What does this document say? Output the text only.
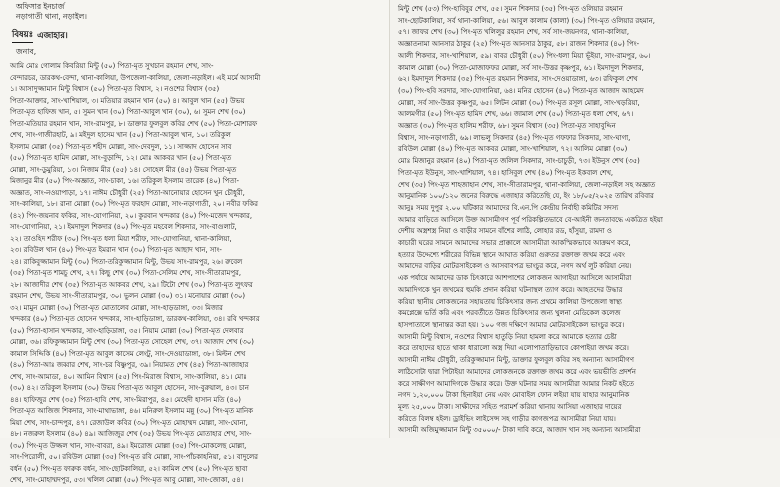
অফিসার ইনচার্জ
নড়াগাতী থানা, নড়াইল।
বিষয়ঃ এজাহার।
জনাব,
আমি মোঃ গোলাম কিবরিয়া মিন্টু (৫০) পিতা-মৃত সুখচান রহমান শেখ, সাং-
বেন্দারচর, ডারকথ-বেন্দা, থানা-কালিয়া, উপজেলা-কালিয়া, জেলা-নড়াইল। এই মর্মে আসামী
১। আসাদুজ্জামান মিন্টু বিশ্বাস (৫০) পিতা-মৃত বিশ্বাস, ২। নওশের বিশ্বাস (৩৫)
পিতা-আক্তার, সাং-খাশিয়াল, ৩। মতিয়ার রহমান খান (৫০) ৪। আবুল খান (৫৫) উভয়
পিতা-মৃত হাফিজ খান, ৫। সুমন খান (৩০) পিতা-আবুল খান (৩০), ৬। সুমন শেখ (৩০)
পিতা-মতিয়ার রহমান খান, সাং-রামপুর, ৮। ডাক্তার ফুলবুল কবির শেখ (৫০) পিতা-মোশারফ
শেখ, সাং-গাজীরহাট, ৯। মইদুল হাসেম খান (৫০) পিতা-আবুল খান, ১০। তরিকুল
ইসলাম মোল্লা (৩৫) পিতা-মৃত শহীদ মোল্লা, সাং-দেবদুল, ১১। সাজ্জাদ হোসেন সাব
(৫০) পিতা-মৃত হামিদ মোল্লা, সাং-বুড়ান্দি, ১২। মোঃ আকবর খান (৫০) পিতা-মৃত
মোল্লা, সাং-ডুমুরিয়া, ১৩। নিজাম মীর (৫৫) ১৪। সোহেল মীর (৪৫) উভয় পিতা-মৃত
মিজানুর মীর (৫০) পিং-অজ্ঞাত, সাং-চাকা, ১৬। তরিকুল ইসলাম তারেক (৪০) পিতা-
অজ্ঞাত, সাং-নওয়াপাড়া, ১৭। নাঈম চৌধুরী (২৫) পিতা-আনোয়ার হোসেন খুন চৌধুরী,
সাং-কালিয়া, ১৮। রানা মোল্লা (৩০) পিং-মৃত ফরহাদ মোল্লা, সাং-নড়াগাতী, ২০। নবীর ফকির
(৪২) পিং-জয়নাব ফকির, সাং-যোগানিয়া, ২০। কুরবান খন্দকার (৪০) পিং-মজেদ খন্দকার,
সাং-যোগানিয়া, ২১। ইমদাদুল শিকদার (৪০) পিং-মৃত মহবেল শিকদার, সাং-বাগুলাট,
২২। তাওহিদ শরীফ (৩০) পিং-মৃত ধলা মিয়া শরীফ, সাং-যোগানিয়া, থানা-কালিয়া,
২৩। রবিউল খান (৪০) পিং-মৃত ইমরান খান (৩০) পিতা-মৃত আছাদ খান, সাং-
২৪। রাকিবুজ্জামান মিন্টু (৩০) পিতা-তরিকুজ্জামান মিন্টু, উভয় সাং-রামপুর, ২৬। রুবেল
(৩৫) পিতা-মৃত শামচু শেখ, ২৭। কিছু শেখ (৩০) পিতা-সেলিম শেখ, সাং-সীতারামপুর,
২৮। আজাদীর শেখ (৩৫) পিতা-মৃত আকবর শেখ, ২৯। টিটো শেখ (৩০) পিতা-মৃত লুৎফর
রহমান শেখ, উভয় সাং-সীতারামপুর, ৩০। ভুলন মোল্লা (৩০) ৩১। মনোয়ার মোল্লা (৩০)
৩২। মামুন মোল্লা (৩০) পিতা-মৃত মোতালেব মোল্লা, সাং-হাড়ডাঙ্গা, ৩৩। মিজার
খন্দকার (৪০) পিতা-মৃত হোসেন খন্দকার, সাং-হাড়িডাঙ্গা, ডারকথ-কালিয়া, ৩৪। রবি খন্দকার
(৫০) পিতা-হাসান খন্দকার, সাং-হাড়িডাঙ্গা, ৩৫। নিয়াম মোল্লা (৩০) পিতা-মৃত দেলবার
মোল্লা, ৩৬। রফিকুজ্জামান মিন্টু শেখ (৩০) পিতা-মৃত সোহেল শেখ, ৩৭। আজাদ শেখ (৩০)
কামাল সিদ্দিকি (৪০) পিতা-মৃত আবুল কাসেম লেংটু, সাং-দেওয়াডাঙ্গা, ৩৮। মিল্টন শেখ
(৪০) পিতা-আঃ জব্বার শেখ, সাং-চর বিষ্ণুপুর, ৩৯। নিয়ামত শেখ (৪৫) পিতা-আজাহার
শেখ, সাং-আমাডা, ৪০। আমিন বিশ্বাস (৫৫) পিং-মিরাজ বিশ্বাস, সাং-কালিয়া, ৪১। মোঃ
(৩০) ৪২। তরিকুল ইসলাম (৩০) উভয় পিতা-মৃত আবুল হোসেন, সাং-বুরুয়াল, ৪৩। চান
৪৪। হাফিজুর শেখ (৩৫) পিতা-হাবি শেখ, সাং-মিরাপুর, ৪৫। মেহেদী হাসান মতি (৪০)
পিতা-মৃত আজিজ শিকদার, সাং-মাথাভাঙ্গা, ৪৬। মনিরুল ইসলাম মন্নু (৩০) পিং-মৃত মানিক
মিয়া শেখ, সাং-চান্দপুর, ৪৭। রেজাউল কবির (৩০) পিং-মৃত মোহাম্মদ মোল্লা, সাং-ঘোনা,
৪৮। নজরুল ইসলাম (৪০) ৪৯। আজিজুর শেখ (৩৫) উভয় পিং-মৃত মোতাহার শেখ, সাং-
(৩০) পিং-মৃত উজ্জল খান, সাং-বাবরা, ৪৯। ইমরোজ মোল্লা (৩৫) পিং-মোকলেছ মোল্লা,
সাং-পিরোলী, ৫০। রবিউল মোল্লা (৩৫) পিং-মৃত রবি মোল্লা, সাং-পাঁচকাহনিয়া, ৫১। বাদুলের
বর্ধন (৫০) পিং-মৃত ফারুক বর্ধন, সাং-ছোটকালিয়া, ৫২। কামিল শেখ (৫০) পিং-মৃত ছাবা
শেখ, সাং-মোহাম্মদপুর, ৫৩। খলিল মোল্লা (৫০) পিং-মৃত আবু মোল্লা, সাং-জোকা, ৫৪।
মিন্টু শেখ (৫৩) পিং-হাবিবুর শেখ, ৫৫। সুমন শিকদার (৩৫) পিং-মৃত ওলিয়ার রহমান
সাং-ছোটকালিয়া, সর্ব থানা-কালিয়া, ৫৬। আবুল কালাম (কালা) (৩০) পিং-মৃত ওলিয়ার রহমান,
৫৭। জাফর শেখ (৩০) পিং-মৃত খলিলুর রহমান শেখ, সর্ব সাং-জয়নগর, থানা-কালিয়া,
অজ্ঞাতনামা আনসার ঠাকুর (২৫) পিং-মৃত আনসার ঠাকুর, ৫৮। রাজন শিকদার (৪০) পিং-
আলী শিকদার, সাং-খাশিয়াল, ৫৯। বাবর চৌধুরী (৫০) পিং-ধলা মিয়া ভূঁইয়া, সাং-রামপুর, ৬০।
কামাল মোল্লা (৩০) পিতা-মোজাফফর মোল্লা, সর্ব সাং-উত্তর কৃষ্ণপুর, ৬১। ইমদাদুল শিকদার,
৬২। ইমদাদুল শিকদার (৩৫) পিং-মৃত রহমান শিকদার, সাং-দেওয়াডাঙ্গা, ৬৩। রফিকুল শেখ
(৩০) পিং-হবি সরদার, সাং-যোগানিয়া, ৬৪। মনির হোসেন (৪০) পিতা-মৃত আজাদ আহমেদ
মোল্লা, সর্ব সাং-উত্তর কৃষ্ণপুর, ৬৫। লিটন মোল্লা (৩০) পিং-মৃত রসূল মোল্লা, সাং-খড়রিয়া,
আলমগীর (৫০) পিং-মৃত হামিদ শেখ, ৬৬। জামাল শেখ (৫০) পিতা-মৃত ধলা শেখ, ৬৭।
অজ্ঞাত (৩০) পিং-মৃত হালিম শরীফ, ৬৮। সুমন বিশ্বাস (৩৫) পিতা-মৃত সাহাবুদ্দিন
বিশ্বাস, সাং-নড়াগাতী, ৬৯। লাভলু সিকদার (৪৫) পিং-মৃত গফফার সিকদার, সাং-ঘাগা,
রবিউল মোল্লা (৪০) পিং-মৃত আকবর মোল্লা, সাং-খাশিয়াল, ৭২। আলিম মোল্লা (৩০)
মোঃ মিজানুর রহমান (৪০) পিতা-মৃত জলিল সিকদার, সাং-চাচুড়ী, ৭৩। ইউনুস শেখ (৩৫)
পিতা-মৃত ইউনুস, সাং-খাশিয়াল, ৭৪। হাসিবুল শেখ (৪০) পিং-মৃত ইকবাল শেখ,
শেখ (৩৫) পিং-মৃত শাহজাহান শেখ, সাং-সীতারামপুর, থানা-কালিয়া, জেলা-নড়াইল সহ অজ্ঞাত
আনুমানিক ১০০/১২০ জনের বিরুদ্ধে এজাহার করিতেছি যে, ইং ১৮/০৫/২০২৫ তারিখ রবিবার
আনুঃ সময় দুপুর ২.০০ ঘটিকার আমাদের বি.এন.পি কেন্দ্রীয় নির্বাহী কমিটির সদস্য
আমার বাড়িতে আসিলে উক্ত আসামীগণ পূর্ব পরিকল্পিতভাবে বে-আইনী জনতাবদ্ধে একত্রিত হইয়া
দেশীয় অস্ত্রশস্ত্র নিয়া ও বাড়ীর সামনে বাঁশের লাঠি, লোহার রড, হাঁসুয়া, রামদা ও
কাচারী ঘরের সামনে আমাদের সভার প্রাক্কালে আসামীরা আকস্মিকভাবে আক্রমণ করে,
হত্যার উদ্দেশ্যে শরীরের বিভিন্ন স্থানে আঘাত করিয়া গুরুতর রক্তাক্ত জখম করে এবং
আমাদের বাড়ির মোটরসাইকেল ও আসবাবপত্র ভাংচুর করে, নগদ অর্থ লুট করিয়া নেয়।
এক পর্যায়ে আমাদের ডাক চিৎকারে আশপাশের লোকজন আগাইয়া আসিলে আসামীরা
আমাদিগকে খুন জখমের হুমকি প্রদান করিয়া ঘটনাস্থল ত্যাগ করে। আহতদের উদ্ধার
করিয়া স্থানীয় লোকজনের সহায়তায় চিকিৎসার জন্য প্রথমে কালিয়া উপজেলা স্বাস্থ্য
কমপ্লেক্সে ভর্তি করি এবং পরবর্তীতে উন্নত চিকিৎসার জন্য খুলনা মেডিকেল কলেজ
হাসপাতালে স্থানান্তর করা হয়। ১০০ গজ দক্ষিণে আমার মোটরসাইকেল ভাংচুর করে।
আসামী মিন্টু বিশ্বাস, নওশের বিশ্বাস হাতুড়ি নিয়া হামলা করে আমাকে হত্যার চেষ্টা
করে তাহাদের হাতে থাকা ধারালো অস্ত্র দিয়া এলোপাতাড়িভাবে কোপাইয়া জখম করে।
আসামী নাঈম চৌধুরী, তরিকুজ্জামান মিন্টু, ডাক্তার ফুলবুল কবির সহ অন্যান্য আসামীগণ
লাঠিসোটা দ্বারা পিটাইয়া আমাদের লোকজনকে রক্তাক্ত জখম করে এবং ভয়ভীতি প্রদর্শন
করে সাক্ষীগণ আমাদিগকে উদ্ধার করে। উক্ত ঘটনার সময় আসামীরা আমার নিকট হইতে
নগদ ১,২০,০০০ টাকা ছিনাইয়া নেয় এবং মোবাইল ফোন লইয়া যায় যাহার আনুমানিক
মূল্য ২৫,০০০ টাকা। সাক্ষীদের সহিত পরামর্শ করিয়া থানায় আসিয়া এজাহার দায়ের
করিতে বিলম্ব হইল। ড্রাইভিং লাইসেন্স সহ গাড়ীর কাগজপত্র আসামীরা নিয়া যায়।
আসামী অজিমুজ্জামান মিন্টু ৩৫০০০/- টাকা দাবি করে, আজাদ খান সহ অন্যান্য আসামীরা
